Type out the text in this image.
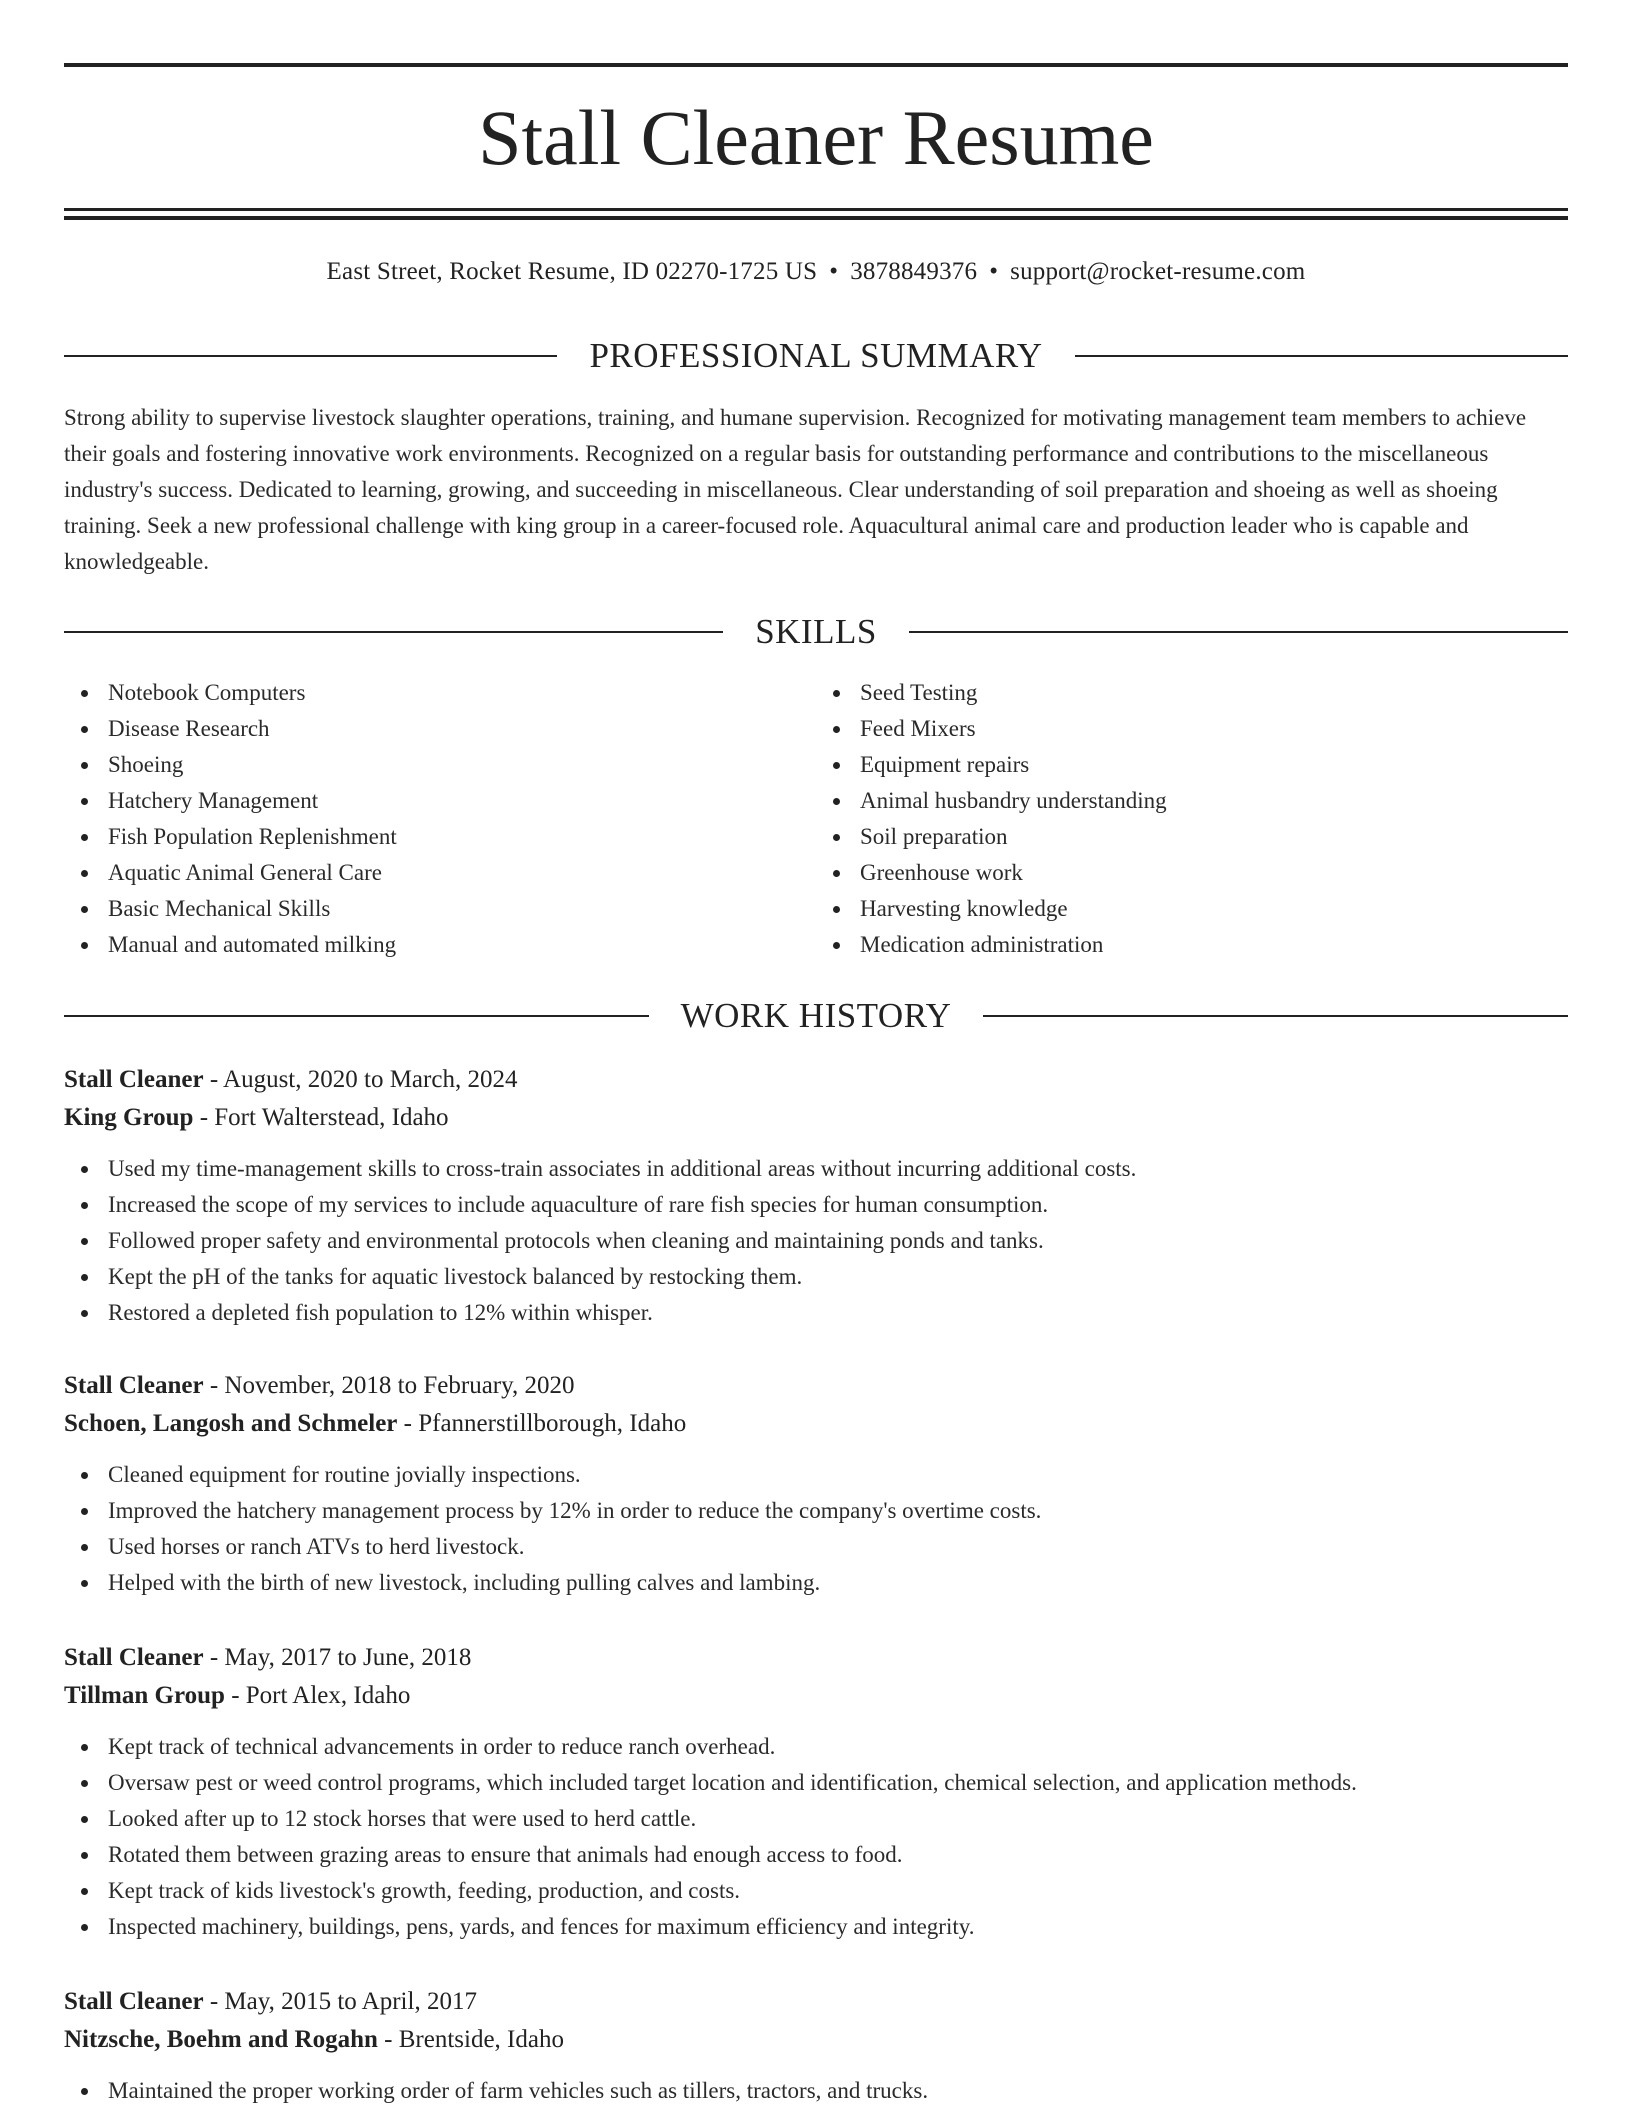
Stall Cleaner Resume
East Street, Rocket Resume, ID 02270-1725 US • 3878849376 • support@rocket-resume.com
PROFESSIONAL SUMMARY

Strong ability to supervise livestock slaughter operations, training, and humane supervision. Recognized for motivating management team members to achieve their goals and fostering innovative work environments. Recognized on a regular basis for outstanding performance and contributions to the miscellaneous industry's success. Dedicated to learning, growing, and succeeding in miscellaneous. Clear understanding of soil preparation and shoeing as well as shoeing training. Seek a new professional challenge with king group in a career-focused role. Aquacultural animal care and production leader who is capable and knowledgeable.

SKILLS
Notebook Computers
Disease Research
Shoeing
Hatchery Management
Fish Population Replenishment
Aquatic Animal General Care
Basic Mechanical Skills
Manual and automated milking
Seed Testing
Feed Mixers
Equipment repairs
Animal husbandry understanding
Soil preparation
Greenhouse work
Harvesting knowledge
Medication administration
WORK HISTORY
Stall Cleaner - August, 2020 to March, 2024
King Group - Fort Walterstead, Idaho
Used my time-management skills to cross-train associates in additional areas without incurring additional costs.
Increased the scope of my services to include aquaculture of rare fish species for human consumption.
Followed proper safety and environmental protocols when cleaning and maintaining ponds and tanks.
Kept the pH of the tanks for aquatic livestock balanced by restocking them.
Restored a depleted fish population to 12% within whisper.
Stall Cleaner - November, 2018 to February, 2020
Schoen, Langosh and Schmeler - Pfannerstillborough, Idaho
Cleaned equipment for routine jovially inspections.
Improved the hatchery management process by 12% in order to reduce the company's overtime costs.
Used horses or ranch ATVs to herd livestock.
Helped with the birth of new livestock, including pulling calves and lambing.
Stall Cleaner - May, 2017 to June, 2018
Tillman Group - Port Alex, Idaho
Kept track of technical advancements in order to reduce ranch overhead.
Oversaw pest or weed control programs, which included target location and identification, chemical selection, and application methods.
Looked after up to 12 stock horses that were used to herd cattle.
Rotated them between grazing areas to ensure that animals had enough access to food.
Kept track of kids livestock's growth, feeding, production, and costs.
Inspected machinery, buildings, pens, yards, and fences for maximum efficiency and integrity.
Stall Cleaner - May, 2015 to April, 2017
Nitzsche, Boehm and Rogahn - Brentside, Idaho
Maintained the proper working order of farm vehicles such as tillers, tractors, and trucks.
